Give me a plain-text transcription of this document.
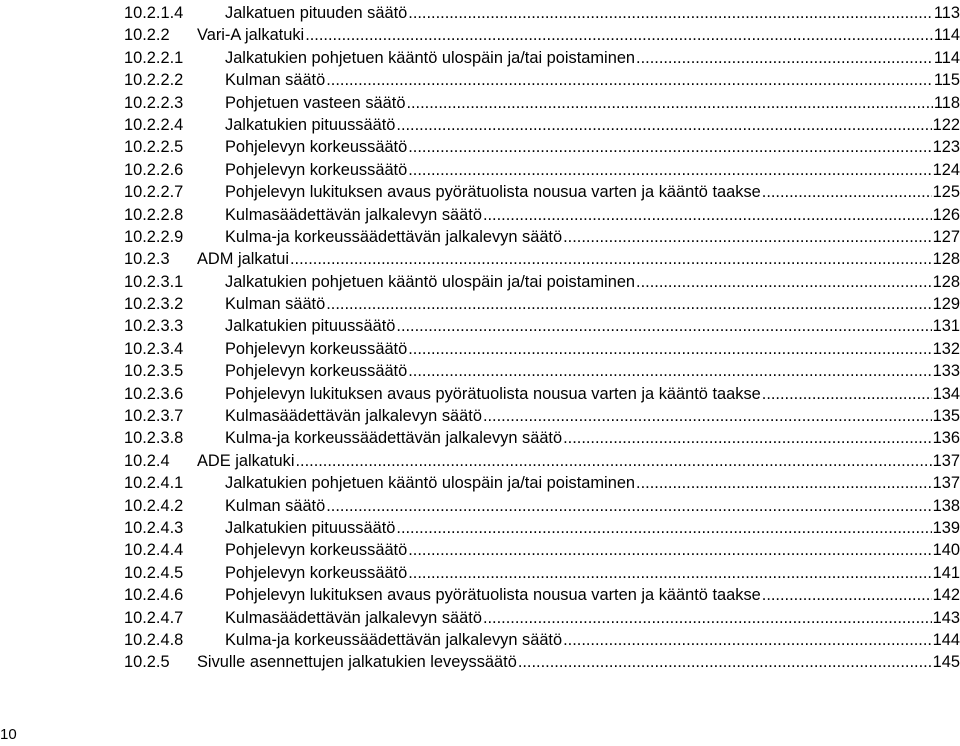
10.2.1.4	Jalkatuen pituuden säätö .....	113
10.2.2	Vari-A jalkatuki .....	114
10.2.2.1	Jalkatukien pohjetuen kääntö ulospäin ja/tai poistaminen .....	114
10.2.2.2	Kulman säätö .....	115
10.2.2.3	Pohjetuen vasteen säätö .....	118
10.2.2.4	Jalkatukien pituussäätö .....	122
10.2.2.5	Pohjelevyn korkeussäätö .....	123
10.2.2.6	Pohjelevyn korkeussäätö .....	124
10.2.2.7	Pohjelevyn lukituksen avaus pyörätuolista nousua varten ja kääntö taakse .....	125
10.2.2.8	Kulmasäädettävän jalkalevyn säätö .....	126
10.2.2.9	Kulma-ja korkeussäädettävän jalkalevyn säätö .....	127
10.2.3	ADM jalkatui .....	128
10.2.3.1	Jalkatukien pohjetuen kääntö ulospäin ja/tai poistaminen .....	128
10.2.3.2	Kulman säätö .....	129
10.2.3.3	Jalkatukien pituussäätö .....	131
10.2.3.4	Pohjelevyn korkeussäätö .....	132
10.2.3.5	Pohjelevyn korkeussäätö .....	133
10.2.3.6	Pohjelevyn lukituksen avaus pyörätuolista nousua varten ja kääntö taakse .....	134
10.2.3.7	Kulmasäädettävän jalkalevyn säätö .....	135
10.2.3.8	Kulma-ja korkeussäädettävän jalkalevyn säätö .....	136
10.2.4	ADE jalkatuki .....	137
10.2.4.1	Jalkatukien pohjetuen kääntö ulospäin ja/tai poistaminen .....	137
10.2.4.2	Kulman säätö .....	138
10.2.4.3	Jalkatukien pituussäätö .....	139
10.2.4.4	Pohjelevyn korkeussäätö .....	140
10.2.4.5	Pohjelevyn korkeussäätö .....	141
10.2.4.6	Pohjelevyn lukituksen avaus pyörätuolista nousua varten ja kääntö taakse .....	142
10.2.4.7	Kulmasäädettävän jalkalevyn säätö .....	143
10.2.4.8	Kulma-ja korkeussäädettävän jalkalevyn säätö .....	144
10.2.5	Sivulle asennettujen jalkatukien leveyssäätö .....	145
10
